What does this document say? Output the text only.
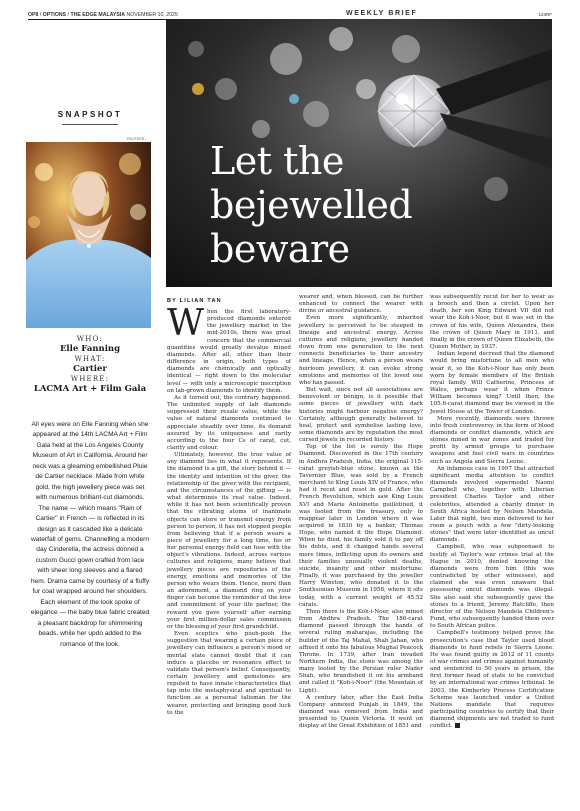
OP8 / OPTIONS / THE EDGE MALAYSIA NOVEMBER 10, 2025	WEEKLY BRIEF	123RF
SNAPSHOT
REUTERS
WHO:
Elle Fanning
WHAT:
Cartier
WHERE:
LACMA Art + Film Gala
All eyes were on Elle Fanning when she appeared at the 14th LACMA Art + Film Gala held at the Los Angeles County Museum of Art in California. Around her neck was a gleaming embellished Pluie de Cartier necklace. Made from white gold, the high jewellery piece was set with numerous brilliant-cut diamonds. The name — which means "Rain of Cartier" in French — is reflected in its design as it cascaded like a delicate waterfall of gems. Channelling a modern day Cinderella, the actress donned a custom Gucci gown crafted from lace with sheer long sleeves and a flared hem. Drama came by courtesy of a fluffy fur coat wrapped around her shoulders. Each element of the look spoke of elegance — the baby blue fabric created a pleasant backdrop for shimmering beads, while her updo added to the romance of the look.
Let the
bejewelled
beware
BY LILIAN TAN

When the first laboratory-produced diamonds entered the jewellery market in the mid-2010s, there was great concern that the commercial quantities would greatly devalue mined diamonds. After all, other than their difference in origin, both types of diamonds are chemically and optically identical — right down to the molecular level — with only a microscopic inscription on lab-grown diamonds to identify them.

As it turned out, the contrary happened. The unlimited supply of lab diamonds suppressed their resale value, while the value of natural diamonds continued to appreciate steadily over time, its demand assured by its uniqueness and rarity according to the four Cs of carat, cut, clarity and colour.

Ultimately, however, the true value of any diamond lies in what it represents. If the diamond is a gift, the story behind it — the identity and intention of the giver, the relationship of the giver with the recipient, and the circumstances of the gifting — is what determines its real value. Indeed, while it has not been scientifically proven that the vibrating atoms of inanimate objects can store or transmit energy from person to person, it has not stopped people from believing that if a person wears a piece of jewellery for a long time, his or her personal energy field can fuse with the object's vibrations. Indeed, across various cultures and religions, many believe that jewellery pieces are repositories of the energy, emotions and memories of the person who wears them. Hence, more than an adornment, a diamond ring on your finger can become the reminder of the love and commitment of your life partner, the reward you gave yourself after earning your first million-dollar sales commission or the blessing of your first grandchild.

Even sceptics who pooh-pooh the suggestion that wearing a certain piece of jewellery can influence a person's mood or mental state cannot doubt that it can induce a placebo or resonance effect to validate that person's belief. Consequently, certain jewellery and gemstones are reputed to have innate characteristics that tap into the metaphysical and spiritual to function as a personal talisman for the wearer, protecting and bringing good luck to the

wearer and, when blessed, can be further enhanced to connect the wearer with divine or ancestral guidance.

Even more significantly, inherited jewellery is perceived to be steeped in lineage and ancestral energy. Across cultures and religions, jewellery handed down from one generation to the next connects beneficiaries to their ancestry and lineage. Hence, when a person wears heirloom jewellery, it can evoke strong emotions and memories of the loved one who has passed.

But wait, since not all associations are benevolent or benign, is it possible that some pieces of jewellery with dark histories might harbour negative energy? Certainly, although generally believed to heal, protect and symbolise lasting love, some diamonds are by reputation the most cursed jewels in recorded history.

Top of the list is surely the Hope Diamond. Discovered in the 17th century in Andhra Pradesh, India, the original 115-carat greyish-blue stone, known as the Tavernier Blue, was sold by a French merchant to King Louis XIV of France, who had it recut and reset in gold. After the French Revolution, which saw King Louis XVI and Marie Antoinette guillotined, it was looted from the treasury, only to reappear later in London where it was acquired in 1830 by a banker, Thomas Hope, who named it the Hope Diamond. When he died, his family sold it to pay off his debts, and it changed hands several more times, inflicting upon its owners and their families unusually violent deaths, suicide, insanity and other misfortune. Finally, it was purchased by the jeweller Harry Winston, who donated it to the Smithsonian Museum in 1958, where it sits today, with a current weight of 45.52 carats.

Then there is the Koh-i-Noor, also mined from Andhra Pradesh. The 186-carat diamond passed through the hands of several ruling maharajas, including the builder of the Taj Mahal, Shah Jahan, who affixed it onto his fabulous Mughal Peacock Throne. In 1739, after Iran invaded Northern India, the stone was among the many looted by the Persian ruler Nader Shah, who brandished it on his armband and called it "Koh-i-Noor" (the Mountain of Light).

A century later, after the East India Company annexed Punjab in 1849, the diamond was removed from India and presented to Queen Victoria. It went on display at the Great Exhibition of 1851 and

was subsequently recut for her to wear as a brooch and then a circlet. Upon her death, her son King Edward VII did not wear the Koh-i-Noor, but it was set in the crown of his wife, Queen Alexandra, then the crown of Queen Mary in 1911, and finally in the crown of Queen Elizabeth, the Queen Mother, in 1937.

Indian legend decreed that the diamond would bring misfortune to all men who wear it, so the Koh-i-Noor has only been worn by female members of the British royal family. Will Catherine, Princess of Wales, perhaps wear it when Prince William becomes king? Until then, the 105.6-carat diamond may be viewed in the Jewel House at the Tower of London.

More recently, diamonds were thrown into fresh controversy, in the form of blood diamonds or conflict diamonds, which are stones mined in war zones and traded for profit by armed groups to purchase weapons and fuel civil wars in countries such as Angola and Sierra Leone.

An infamous case in 1997 that attracted significant media attention to conflict diamonds involved supermodel Naomi Campbell who, together with Liberian president Charles Taylor and other celebrities, attended a charity dinner in South Africa hosted by Nelson Mandela. Later that night, two men delivered to her room a pouch with a few "dirty-looking stones" that were later identified as uncut diamonds.

Campbell, who was subpoenaed to testify at Taylor's war crimes trial at the Hague in 2010, denied knowing the diamonds were from him (this was contradicted by other witnesses), and claimed she was even unaware that possessing uncut diamonds was illegal. She also said she subsequently gave the stones to a friend, Jeremy Ratcliffe, then director of the Nelson Mandela Children's Fund, who subsequently handed them over to South African police.

Campbell's testimony helped prove the prosecution's case that Taylor used blood diamonds to fund rebels in Sierra Leone. He was found guilty in 2012 of 11 counts of war crimes and crimes against humanity and sentenced to 50 years in prison, the first former head of state to be convicted by an international war crimes tribunal. In 2003, the Kimberley Process Certification Scheme was launched under a United Nations mandate that requires participating countries to certify that their diamond shipments are not traded to fund conflict.
